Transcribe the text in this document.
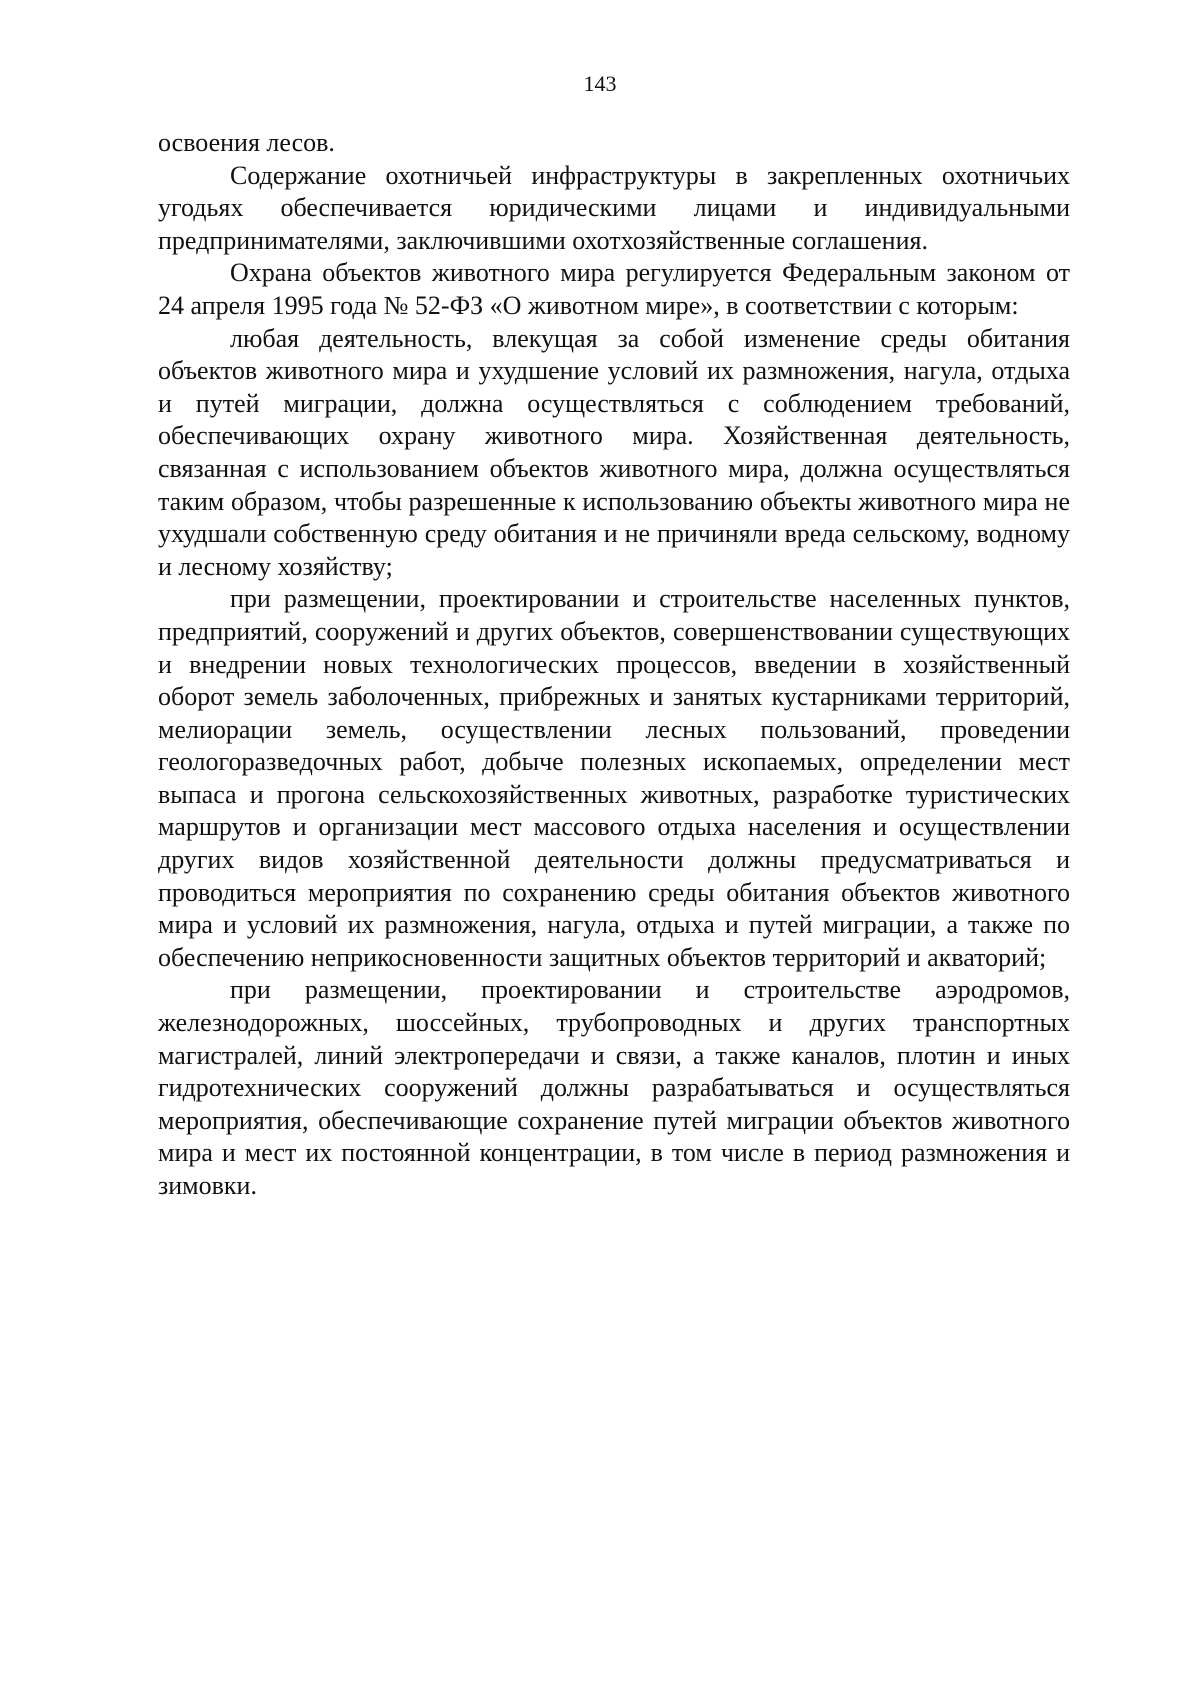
143

освоения лесов.

Содержание охотничьей инфраструктуры в закрепленных охотничьих угодьях обеспечивается юридическими лицами и индивидуальными предпринимателями, заключившими охотхозяйственные соглашения.

Охрана объектов животного мира регулируется Федеральным законом от 24 апреля 1995 года № 52-ФЗ «О животном мире», в соответствии с которым:

любая деятельность, влекущая за собой изменение среды обитания объектов животного мира и ухудшение условий их размножения, нагула, отдыха и путей миграции, должна осуществляться с соблюдением требований, обеспечивающих охрану животного мира. Хозяйственная деятельность, связанная с использованием объектов животного мира, должна осуществляться таким образом, чтобы разрешенные к использованию объекты животного мира не ухудшали собственную среду обитания и не причиняли вреда сельскому, водному и лесному хозяйству;

при размещении, проектировании и строительстве населенных пунктов, предприятий, сооружений и других объектов, совершенствовании существующих и внедрении новых технологических процессов, введении в хозяйственный оборот земель заболоченных, прибрежных и занятых кустарниками территорий, мелиорации земель, осуществлении лесных пользований, проведении геологоразведочных работ, добыче полезных ископаемых, определении мест выпаса и прогона сельскохозяйственных животных, разработке туристических маршрутов и организации мест массового отдыха населения и осуществлении других видов хозяйственной деятельности должны предусматриваться и проводиться мероприятия по сохранению среды обитания объектов животного мира и условий их размножения, нагула, отдыха и путей миграции, а также по обеспечению неприкосновенности защитных объектов территорий и акваторий;

при размещении, проектировании и строительстве аэродромов, железнодорожных, шоссейных, трубопроводных и других транспортных магистралей, линий электропередачи и связи, а также каналов, плотин и иных гидротехнических сооружений должны разрабатываться и осуществляться мероприятия, обеспечивающие сохранение путей миграции объектов животного мира и мест их постоянной концентрации, в том числе в период размножения и зимовки.
